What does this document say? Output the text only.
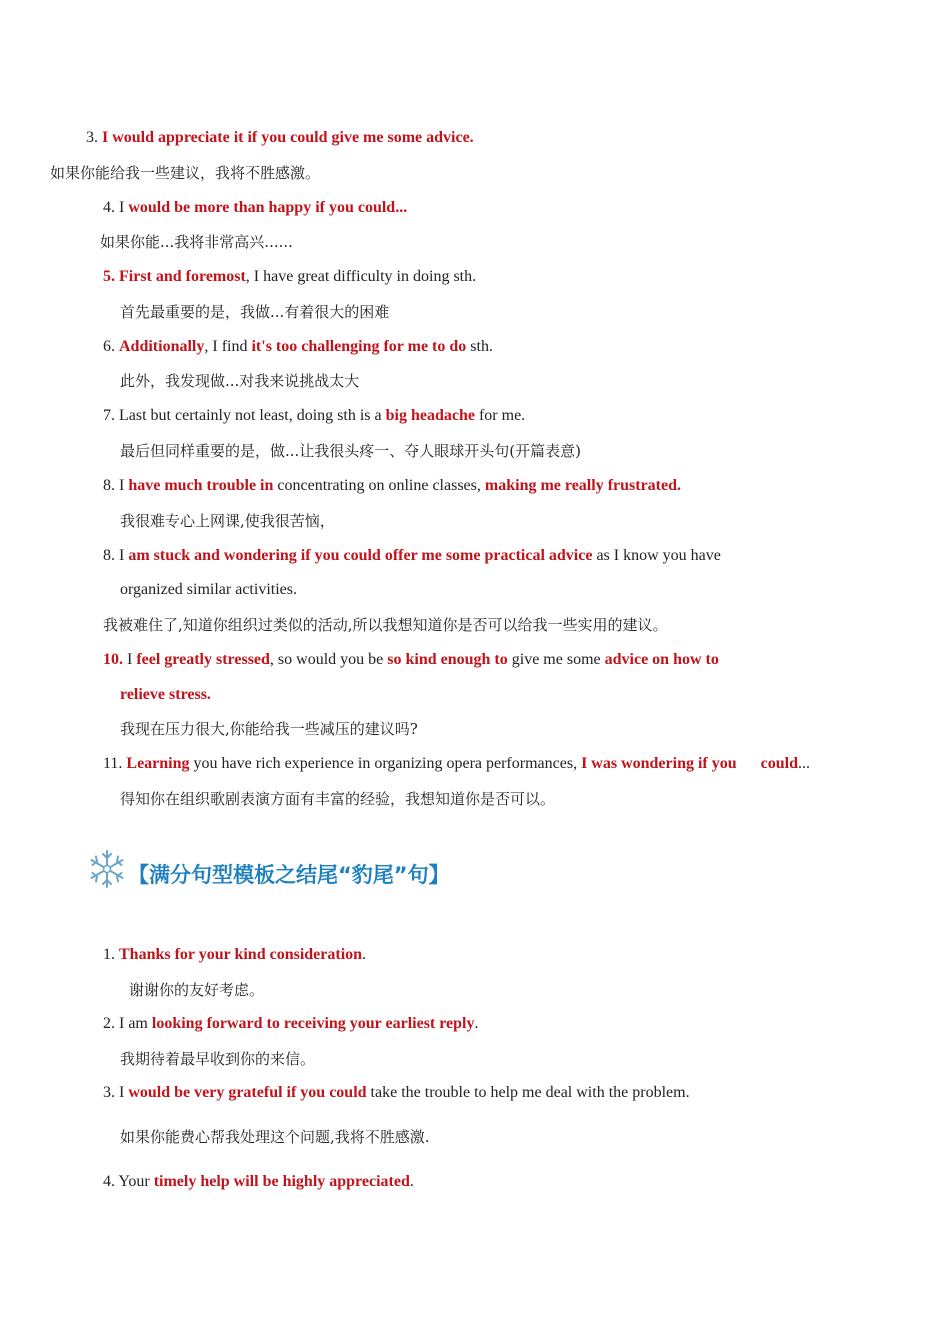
3. I would appreciate it if you could give me some advice.
如果你能给我一些建议，我将不胜感激。
4. I would be more than happy if you could...
如果你能...我将非常高兴......
5. First and foremost, I have great difficulty in doing sth.
首先最重要的是，我做...有着很大的困难
6. Additionally, I find it's too challenging for me to do sth.
此外，我发现做...对我来说挑战太大
7. Last but certainly not least, doing sth is a big headache for me.
最后但同样重要的是，做...让我很头疼一、夺人眼球开头句(开篇表意)
8. I have much trouble in concentrating on online classes, making me really frustrated.
我很难专心上网课,使我很苦恼，
8. I am stuck and wondering if you could offer me some practical advice as I know you have
organized similar activities.
我被难住了,知道你组织过类似的活动,所以我想知道你是否可以给我一些实用的建议。
10. I feel greatly stressed, so would you be so kind enough to give me some advice on how to
relieve stress.
我现在压力很大,你能给我一些减压的建议吗?
11. Learning you have rich experience in organizing opera performances, I was wondering if you could...
得知你在组织歌剧表演方面有丰富的经验，我想知道你是否可以。
【满分句型模板之结尾“豹尾”句】
1. Thanks for your kind consideration.
谢谢你的友好考虑。
2. I am looking forward to receiving your earliest reply.
我期待着最早收到你的来信。
3. I would be very grateful if you could take the trouble to help me deal with the problem.
如果你能费心帮我处理这个问题,我将不胜感激.
4. Your timely help will be highly appreciated.
